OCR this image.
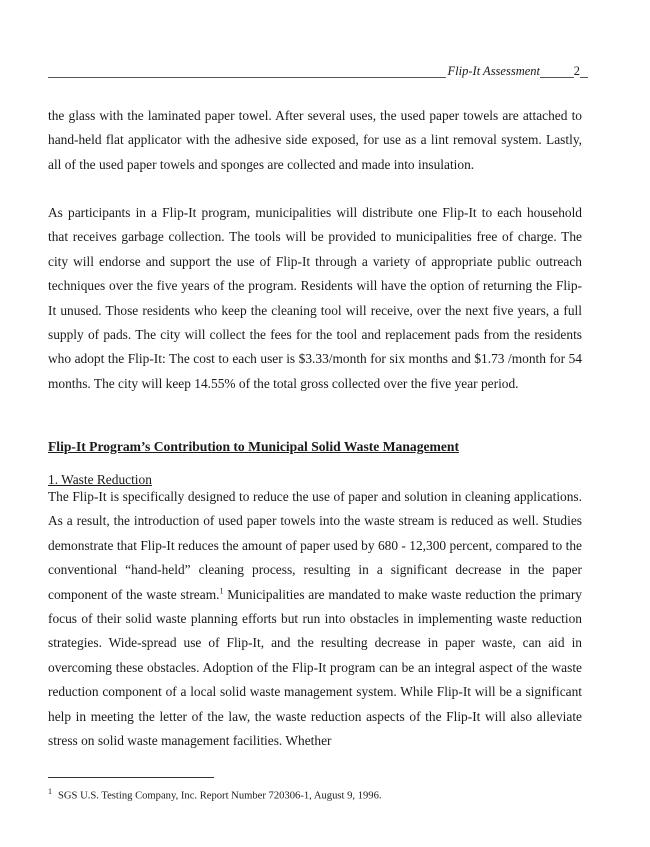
Flip-It Assessment	2
the glass with the laminated paper towel. After several uses, the used paper towels are attached to hand-held flat applicator with the adhesive side exposed, for use as a lint removal system. Lastly, all of the used paper towels and sponges are collected and made into insulation.
As participants in a Flip-It program, municipalities will distribute one Flip-It to each household that receives garbage collection. The tools will be provided to municipalities free of charge. The city will endorse and support the use of Flip-It through a variety of appropriate public outreach techniques over the five years of the program. Residents will have the option of returning the Flip-It unused. Those residents who keep the cleaning tool will receive, over the next five years, a full supply of pads. The city will collect the fees for the tool and replacement pads from the residents who adopt the Flip-It: The cost to each user is $3.33/month for six months and $1.73 /month for 54 months. The city will keep 14.55% of the total gross collected over the five year period.
Flip-It Program’s Contribution to Municipal Solid Waste Management
1. Waste Reduction
The Flip-It is specifically designed to reduce the use of paper and solution in cleaning applications. As a result, the introduction of used paper towels into the waste stream is reduced as well. Studies demonstrate that Flip-It reduces the amount of paper used by 680 - 12,300 percent, compared to the conventional “hand-held” cleaning process, resulting in a significant decrease in the paper component of the waste stream.$^1$ Municipalities are mandated to make waste reduction the primary focus of their solid waste planning efforts but run into obstacles in implementing waste reduction strategies. Wide-spread use of Flip-It, and the resulting decrease in paper waste, can aid in overcoming these obstacles. Adoption of the Flip-It program can be an integral aspect of the waste reduction component of a local solid waste management system. While Flip-It will be a significant help in meeting the letter of the law, the waste reduction aspects of the Flip-It will also alleviate stress on solid waste management facilities. Whether
$^1$ SGS U.S. Testing Company, Inc. Report Number 720306-1, August 9, 1996.
